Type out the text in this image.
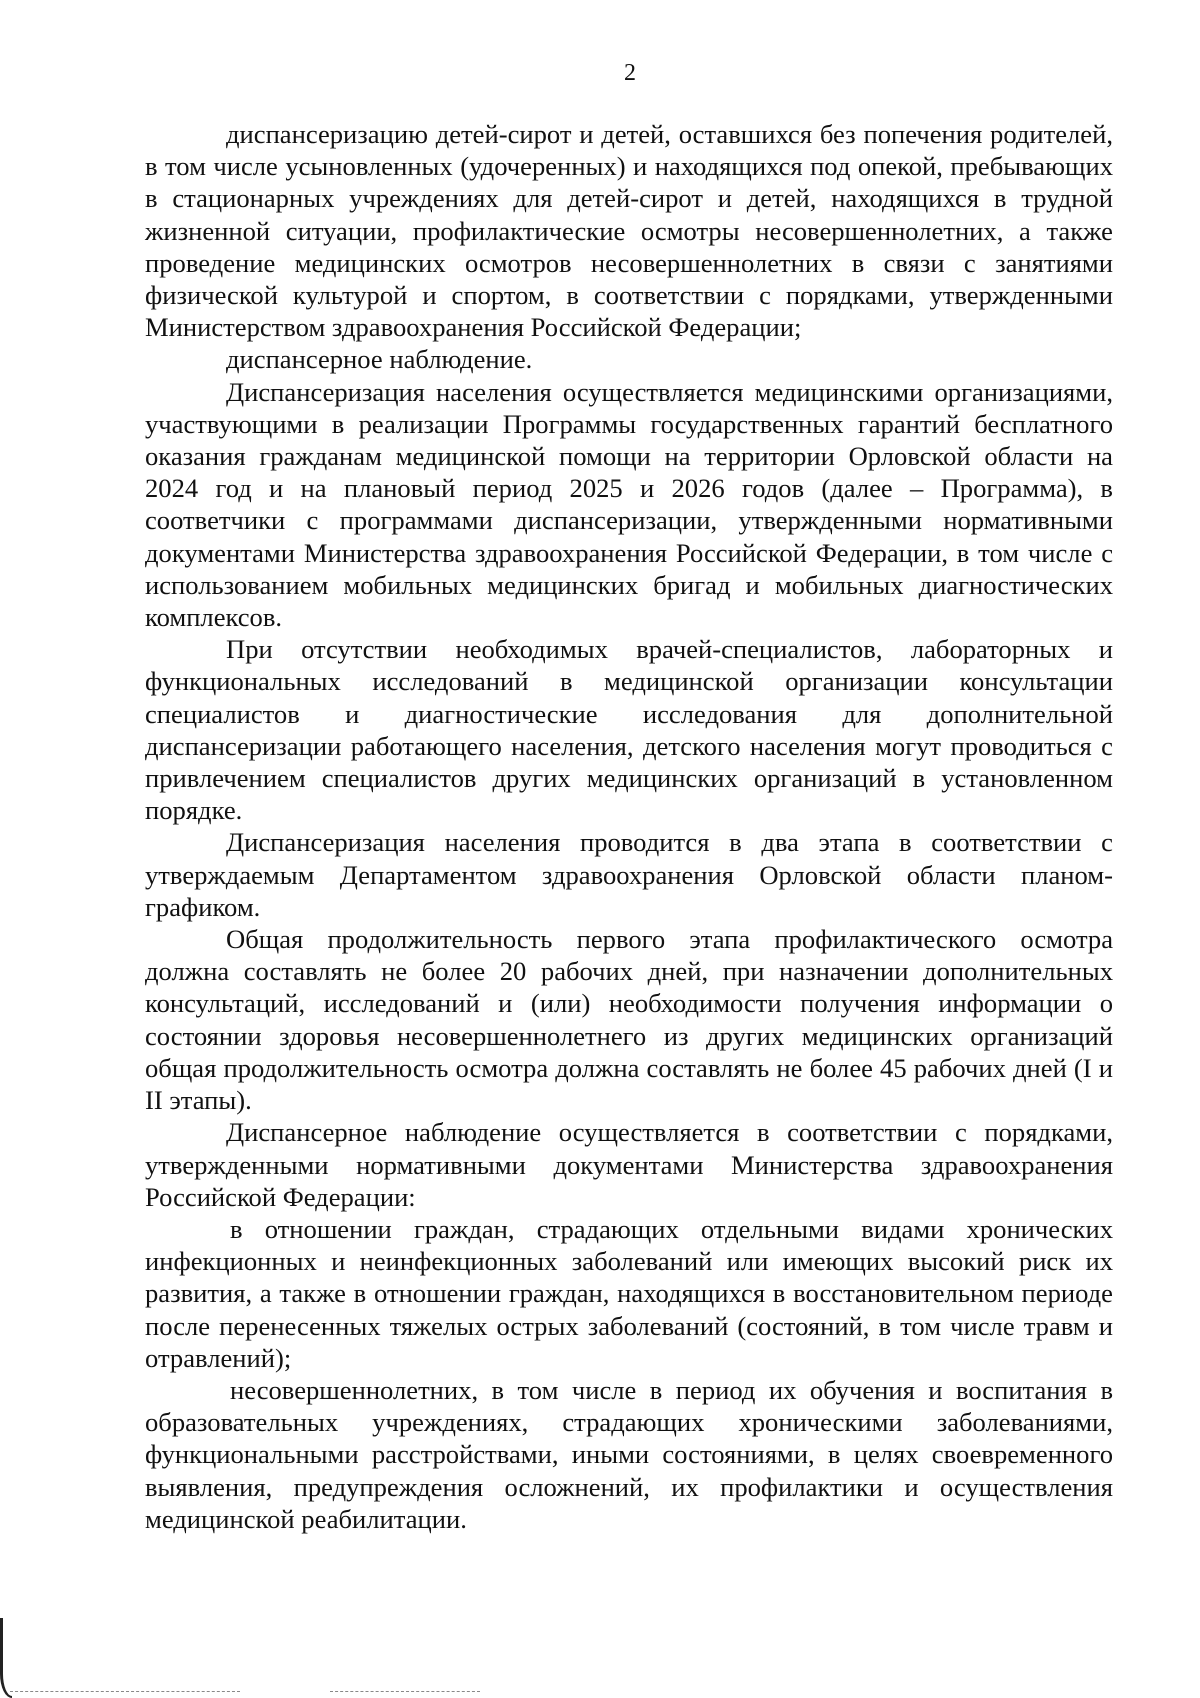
2

диспансеризацию детей-сирот и детей, оставшихся без попечения родителей, в том числе усыновленных (удочеренных) и находящихся под опекой, пребывающих в стационарных учреждениях для детей-сирот и детей, находящихся в трудной жизненной ситуации, профилактические осмотры несовершеннолетних, а также проведение медицинских осмотров несовершеннолетних в связи с занятиями физической культурой и спортом, в соответствии с порядками, утвержденными Министерством здравоохранения Российской Федерации;

диспансерное наблюдение.

Диспансеризация населения осуществляется медицинскими организациями, участвующими в реализации Программы государственных гарантий бесплатного оказания гражданам медицинской помощи на территории Орловской области на 2024 год и на плановый период 2025 и 2026 годов (далее – Программа), в соответчики с программами диспансеризации, утвержденными нормативными документами Министерства здравоохранения Российской Федерации, в том числе с использованием мобильных медицинских бригад и мобильных диагностических комплексов.

При отсутствии необходимых врачей-специалистов, лабораторных и функциональных исследований в медицинской организации консультации специалистов и диагностические исследования для дополнительной диспансеризации работающего населения, детского населения могут проводиться с привлечением специалистов других медицинских организаций в установленном порядке.

Диспансеризация населения проводится в два этапа в соответствии с утверждаемым Департаментом здравоохранения Орловской области планом-графиком.

Общая продолжительность первого этапа профилактического осмотра должна составлять не более 20 рабочих дней, при назначении дополнительных консультаций, исследований и (или) необходимости получения информации о состоянии здоровья несовершеннолетнего из других медицинских организаций общая продолжительность осмотра должна составлять не более 45 рабочих дней (I и II этапы).

Диспансерное наблюдение осуществляется в соответствии с порядками, утвержденными нормативными документами Министерства здравоохранения Российской Федерации:

в отношении граждан, страдающих отдельными видами хронических инфекционных и неинфекционных заболеваний или имеющих высокий риск их развития, а также в отношении граждан, находящихся в восстановительном периоде после перенесенных тяжелых острых заболеваний (состояний, в том числе травм и отравлений);

несовершеннолетних, в том числе в период их обучения и воспитания в образовательных учреждениях, страдающих хроническими заболеваниями, функциональными расстройствами, иными состояниями, в целях своевременного выявления, предупреждения осложнений, их профилактики и осуществления медицинской реабилитации.
